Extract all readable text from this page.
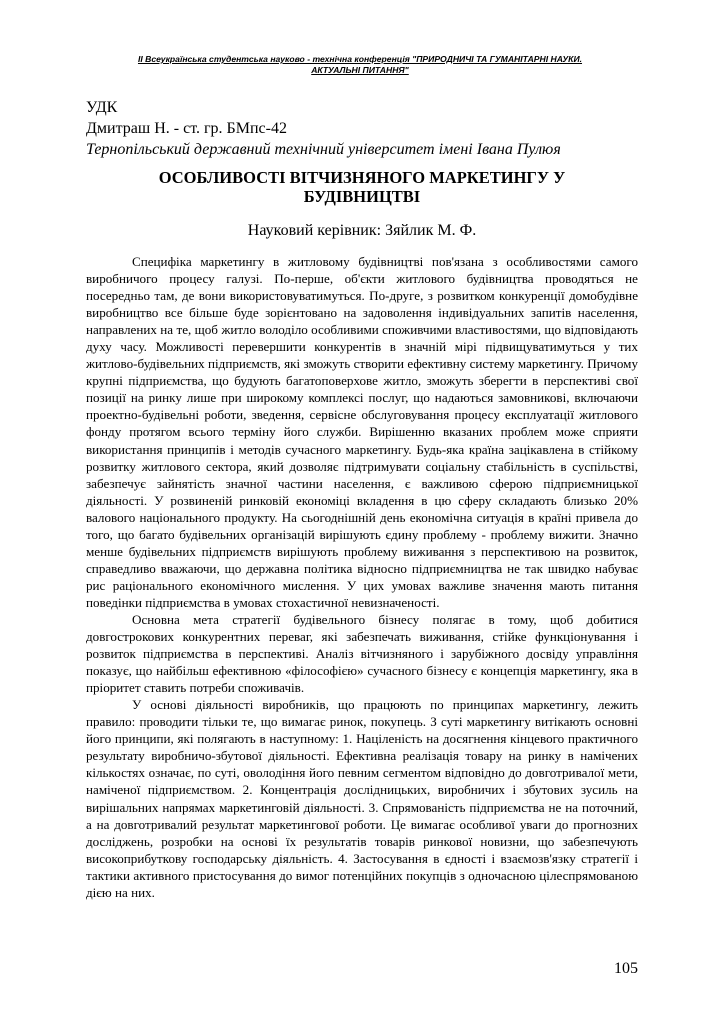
ІІ Всеукраїнська студентська науково - технічна конференція "ПРИРОДНИЧІ ТА ГУМАНІТАРНІ НАУКИ.
АКТУАЛЬНІ ПИТАННЯ"
УДК
Дмитраш Н. - ст. гр. БМпс-42
Тернопільський державний технічний університет імені Івана Пулюя
ОСОБЛИВОСТІ ВІТЧИЗНЯНОГО МАРКЕТИНГУ У
БУДІВНИЦТВІ
Науковий керівник: Зяйлик М. Ф.

Специфіка маркетингу в житловому будівництві пов'язана з особливостями самого виробничого процесу галузі. По-перше, об'єкти житлового будівництва проводяться не посередньо там, де вони використовуватимуться. По-друге, з розвитком конкуренції домобудівне виробництво все більше буде зорієнтовано на задоволення індивідуальних запитів населення, направлених на те, щоб житло володіло особливими споживчими властивостями, що відповідають духу часу. Можливості перевершити конкурентів в значній мірі підвищуватимуться у тих житлово-будівельних підприємств, які зможуть створити ефективну систему маркетингу. Причому крупні підприємства, що будують багатоповерхове житло, зможуть зберегти в перспективі свої позиції на ринку лише при широкому комплексі послуг, що надаються замовникові, включаючи проектно-будівельні роботи, зведення, сервісне обслуговування процесу експлуатації житлового фонду протягом всього терміну його служби. Вирішенню вказаних проблем може сприяти використання принципів і методів сучасного маркетингу. Будь-яка країна зацікавлена в стійкому розвитку житлового сектора, який дозволяє підтримувати соціальну стабільність в суспільстві, забезпечує зайнятість значної частини населення, є важливою сферою підприємницької діяльності. У розвиненій ринковій економіці вкладення в цю сферу складають близько 20% валового національного продукту. На сьогоднішній день економічна ситуація в країні привела до того, що багато будівельних організацій вирішують єдину проблему - проблему вижити. Значно менше будівельних підприємств вирішують проблему виживання з перспективою на розвиток, справедливо вважаючи, що державна політика відносно підприємництва не так швидко набуває рис раціонального економічного мислення. У цих умовах важливе значення мають питання поведінки підприємства в умовах стохастичної невизначеності.

Основна мета стратегії будівельного бізнесу полягає в тому, щоб добитися довгострокових конкурентних переваг, які забезпечать виживання, стійке функціонування і розвиток підприємства в перспективі. Аналіз вітчизняного і зарубіжного досвіду управління показує, що найбільш ефективною «філософією» сучасного бізнесу є концепція маркетингу, яка в пріоритет ставить потреби споживачів.

У основі діяльності виробників, що працюють по принципах маркетингу, лежить правило: проводити тільки те, що вимагає ринок, покупець. З суті маркетингу витікають основні його принципи, які полягають в наступному: 1. Націленість на досягнення кінцевого практичного результату виробничо-збутової діяльності. Ефективна реалізація товару на ринку в намічених кількостях означає, по суті, оволодіння його певним сегментом відповідно до довготривалої мети, наміченої підприємством. 2. Концентрація дослідницьких, виробничих і збутових зусиль на вирішальних напрямах маркетинговій діяльності. 3. Спрямованість підприємства не на поточний, а на довготривалий результат маркетингової роботи. Це вимагає особливої уваги до прогнозних досліджень, розробки на основі їх результатів товарів ринкової новизни, що забезпечують високоприбуткову господарську діяльність. 4. Застосування в єдності і взаємозв'язку стратегії і тактики активного пристосування до вимог потенційних покупців з одночасною цілеспрямованою дією на них.

105
